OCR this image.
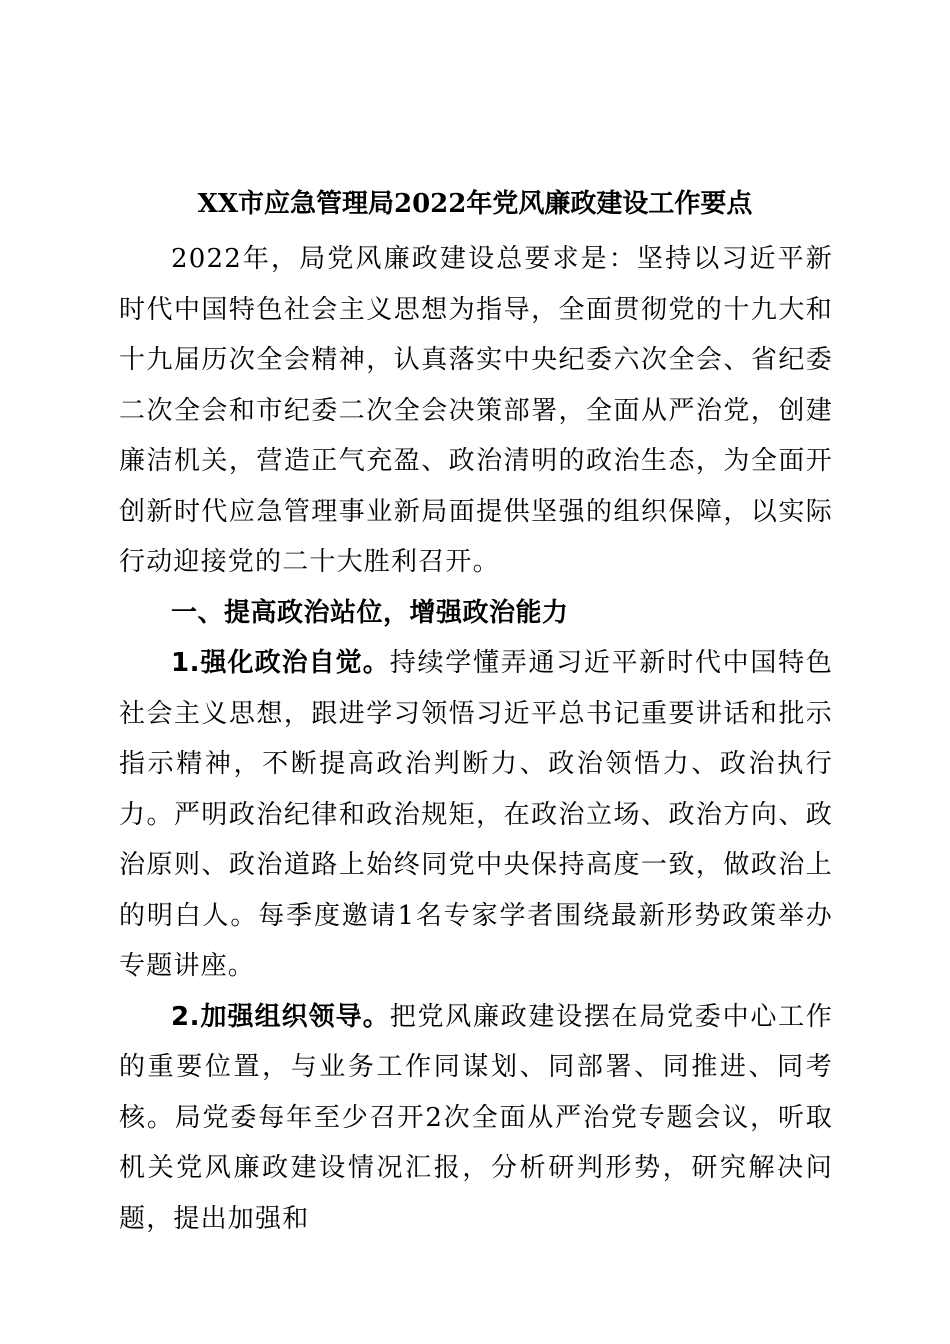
XX市应急管理局2022年党风廉政建设工作要点

2022年，局党风廉政建设总要求是：坚持以习近平新时代中国特色社会主义思想为指导，全面贯彻党的十九大和十九届历次全会精神，认真落实中央纪委六次全会、省纪委二次全会和市纪委二次全会决策部署，全面从严治党，创建廉洁机关，营造正气充盈、政治清明的政治生态，为全面开创新时代应急管理事业新局面提供坚强的组织保障，以实际行动迎接党的二十大胜利召开。

一、提高政治站位，增强政治能力

1.强化政治自觉。持续学懂弄通习近平新时代中国特色社会主义思想，跟进学习领悟习近平总书记重要讲话和批示指示精神，不断提高政治判断力、政治领悟力、政治执行力。严明政治纪律和政治规矩，在政治立场、政治方向、政治原则、政治道路上始终同党中央保持高度一致，做政治上的明白人。每季度邀请1名专家学者围绕最新形势政策举办专题讲座。

2.加强组织领导。把党风廉政建设摆在局党委中心工作的重要位置，与业务工作同谋划、同部署、同推进、同考核。局党委每年至少召开2次全面从严治党专题会议，听取机关党风廉政建设情况汇报，分析研判形势，研究解决问题，提出加强和
